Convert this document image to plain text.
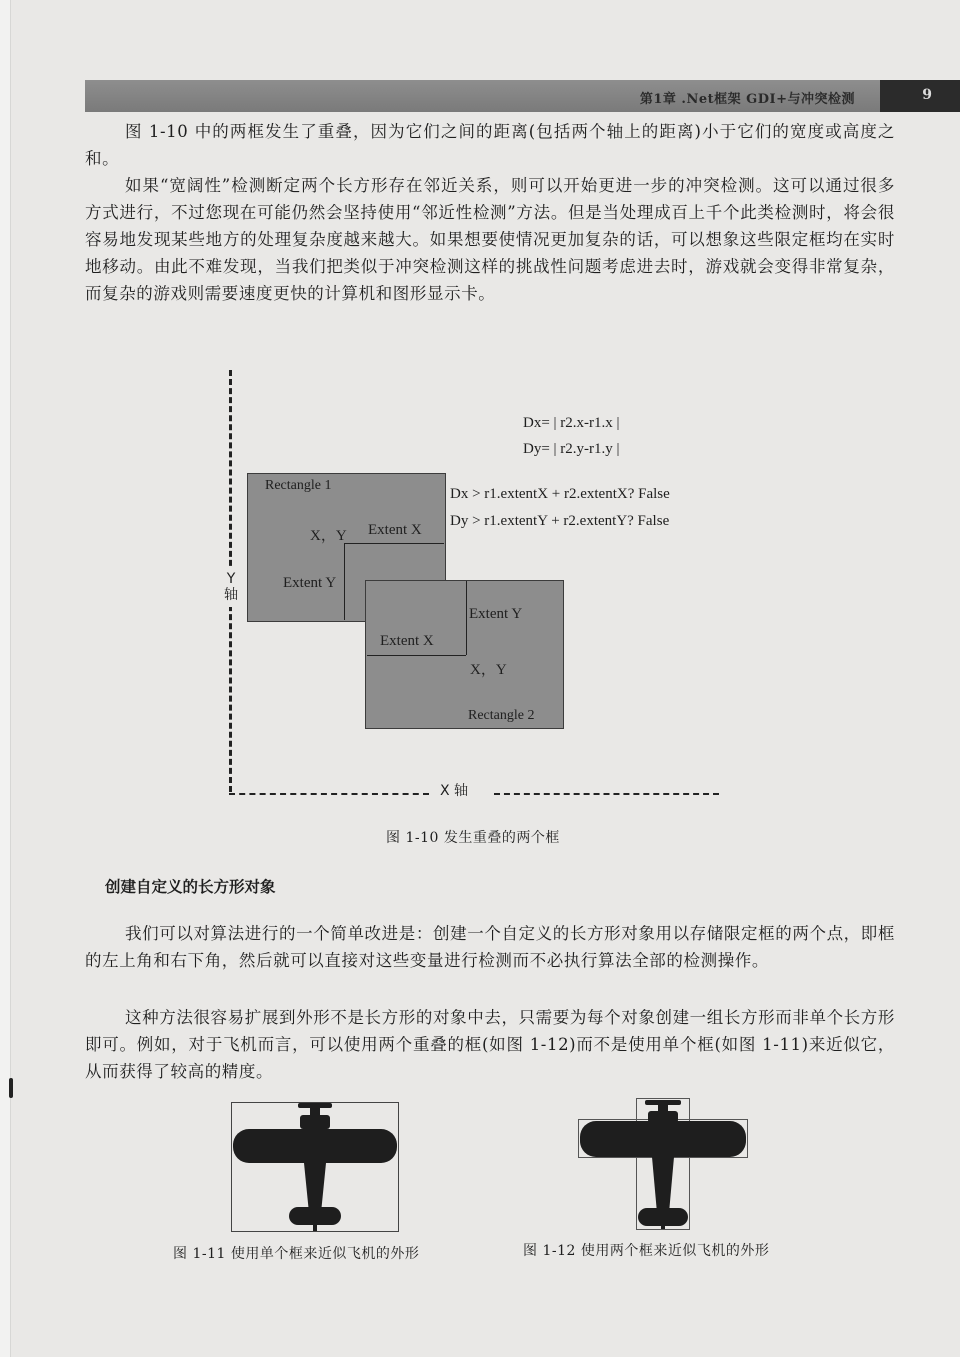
第1章 .Net框架 GDI+与冲突检测	9

图 1-10 中的两框发生了重叠，因为它们之间的距离(包括两个轴上的距离)小于它们的宽度或高度之和。

如果“宽阔性”检测断定两个长方形存在邻近关系，则可以开始更进一步的冲突检测。这可以通过很多方式进行，不过您现在可能仍然会坚持使用“邻近性检测”方法。但是当处理成百上千个此类检测时，将会很容易地发现某些地方的处理复杂度越来越大。如果想要使情况更加复杂的话，可以想象这些限定框均在实时地移动。由此不难发现，当我们把类似于冲突检测这样的挑战性问题考虑进去时，游戏就会变得非常复杂，而复杂的游戏则需要速度更快的计算机和图形显示卡。

Y 轴
X 轴
Dx= | r2.x-r1.x |
Dy= | r2.y-r1.y |
Dx > r1.extentX + r2.extentX? False
Dy > r1.extentY + r2.extentY? False
Rectangle 1
X，Y Extent X
Extent Y
Extent Y
Extent X
X，Y
Rectangle 2
图 1-10 发生重叠的两个框
创建自定义的长方形对象

我们可以对算法进行的一个简单改进是：创建一个自定义的长方形对象用以存储限定框的两个点，即框的左上角和右下角，然后就可以直接对这些变量进行检测而不必执行算法全部的检测操作。

这种方法很容易扩展到外形不是长方形的对象中去，只需要为每个对象创建一组长方形而非单个长方形即可。例如，对于飞机而言，可以使用两个重叠的框(如图 1-12)而不是使用单个框(如图 1-11)来近似它，从而获得了较高的精度。

图 1-11 使用单个框来近似飞机的外形	图 1-12 使用两个框来近似飞机的外形
